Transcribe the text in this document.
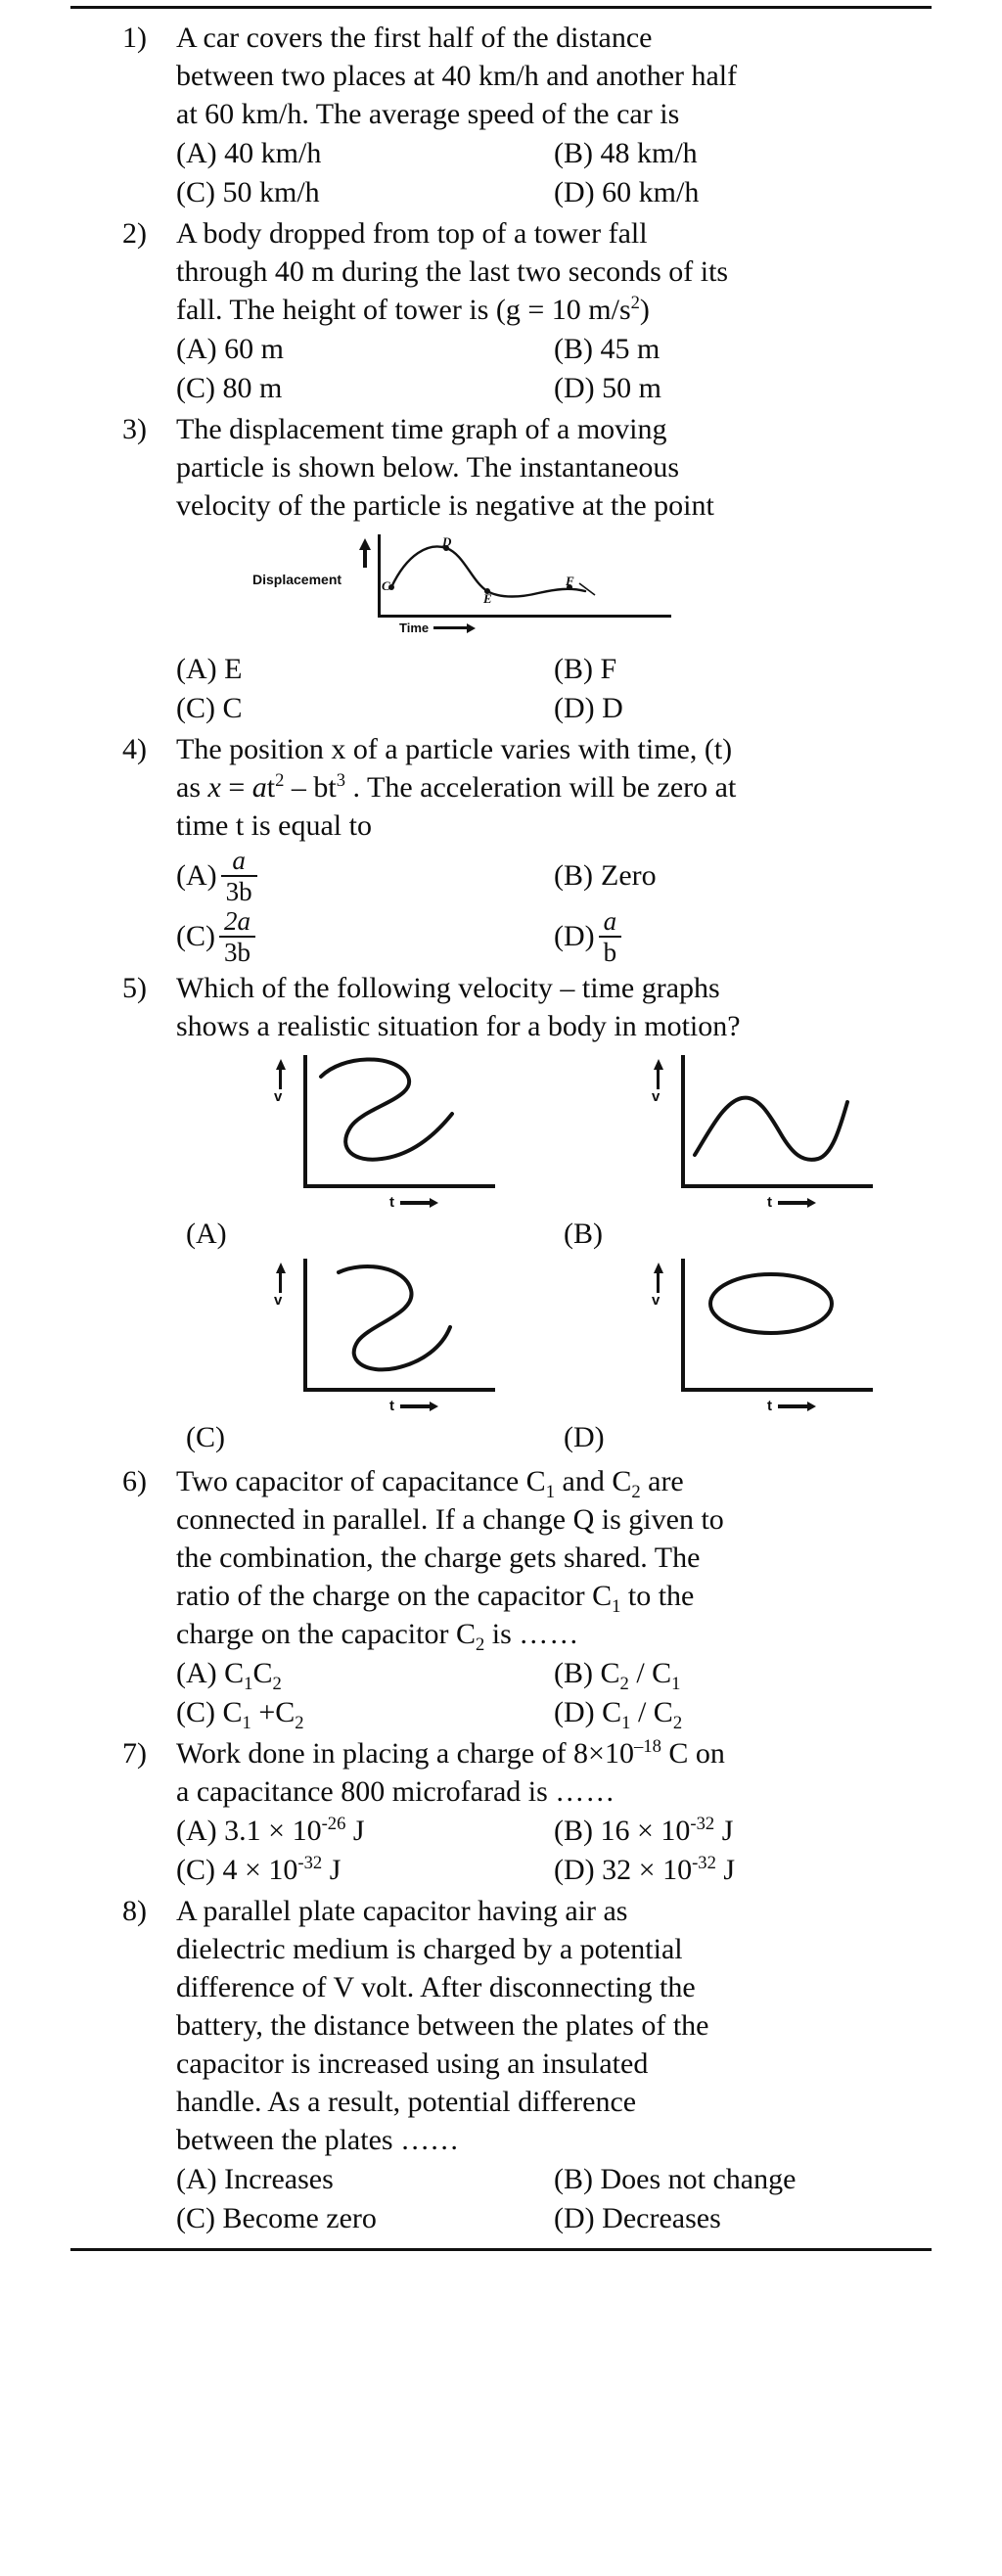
1)	A car covers the first half of the distance

between two places at 40 km/h and another half

at 60 km/h. The average speed of the car is

(A) 40 km/h	(B) 48 km/h
(C) 50 km/h	(D) 60 km/h
2)	A body dropped from top of a tower fall

through 40 m during the last two seconds of its

fall. The height of tower is (g = 10 $m/s^2$)

(A) 60 m	(B) 45 m
(C) 80 m	(D) 50 m
3)	The displacement time graph of a moving

particle is shown below. The instantaneous

velocity of the particle is negative at the point

Displacement
Time
C
D
E
F
(A) E	(B) F
(C) C	(D) D
4)	The position x of a particle varies with time, (t)

as $x = at^2 - bt^3$ . The acceleration will be zero at

time t is equal to

$(A) \frac{a}{3b}$	(B) Zero
$(C) \frac{2a}{3b}$	$(D) \frac{a}{b}$
5)	Which of the following velocity – time graphs

shows a realistic situation for a body in motion?

v
t
(A)
v
t
(B)
v
t
(C)
v
t
(D)
6)	Two capacitor of capacitance $C_1$ and $C_2$ are

connected in parallel. If a change Q is given to

the combination, the charge gets shared. The

ratio of the charge on the capacitor $C_1$ to the

charge on the capacitor $C_2$ is ……

(A) $C_1C_2$	(B) $C_2 / C_1$
(C) $C_1 +C_2$	(D) $C_1 / C_2$
7)	Work done in placing a charge of $8\times 10^{-18}$ C on

a capacitance 800 microfarad is ……

(A) $3.1 \times 10^{-26}$ J	(B) $16 \times 10^{-32}$ J
(C) $4 \times 10^{-32}$ J	(D) $32 \times 10^{-32}$ J
8)	A parallel plate capacitor having air as

dielectric medium is charged by a potential

difference of V volt. After disconnecting the

battery, the distance between the plates of the

capacitor is increased using an insulated

handle. As a result, potential difference

between the plates ……

(A) Increases	(B) Does not change
(C) Become zero	(D) Decreases
